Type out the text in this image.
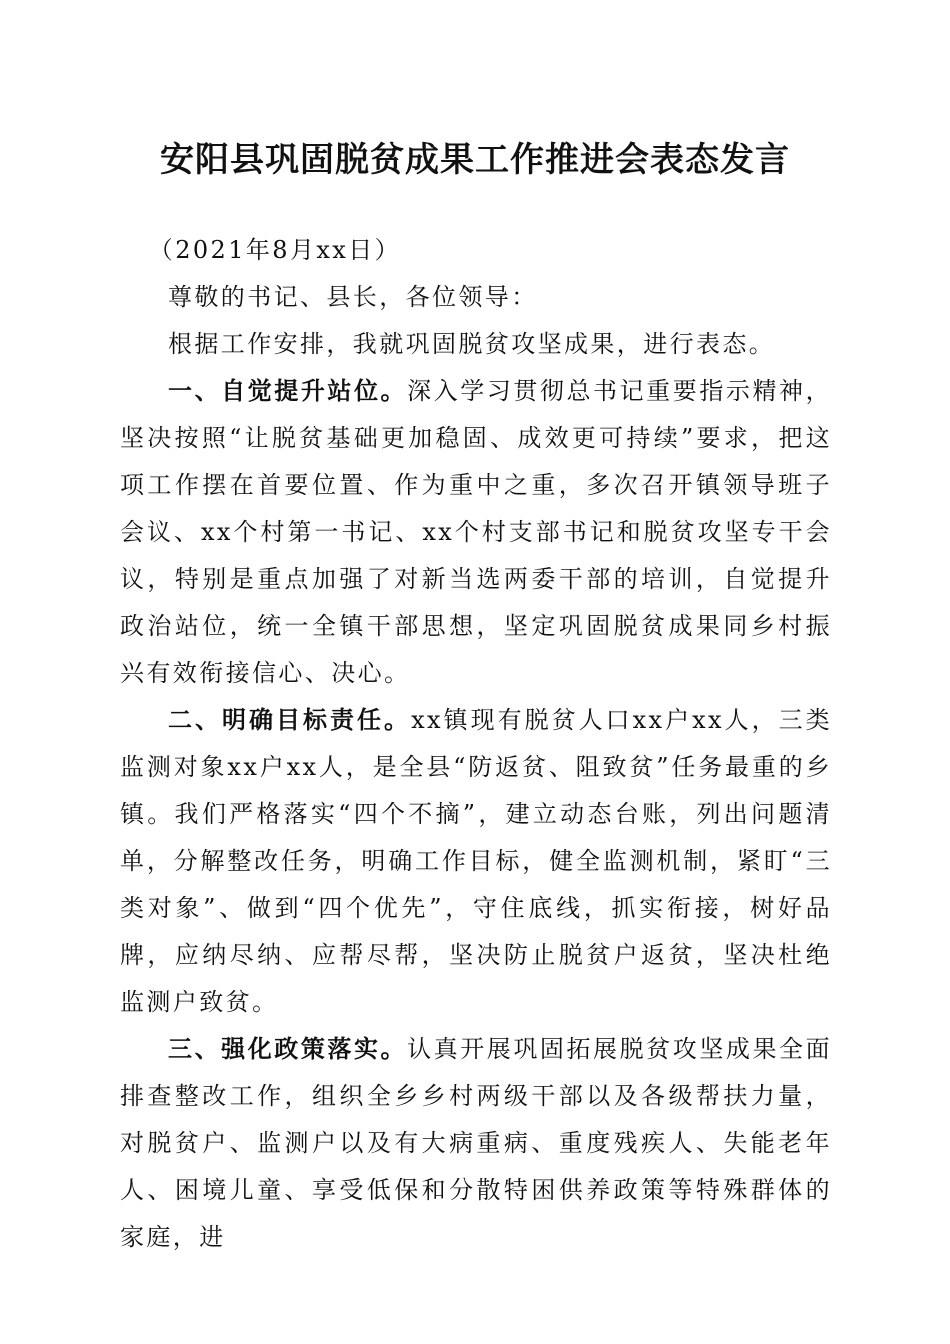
安阳县巩固脱贫成果工作推进会表态发言

（2021年8月xx日）

尊敬的书记、县长，各位领导：

根据工作安排，我就巩固脱贫攻坚成果，进行表态。

一、自觉提升站位。深入学习贯彻总书记重要指示精神，坚决按照“让脱贫基础更加稳固、成效更可持续”要求，把这项工作摆在首要位置、作为重中之重，多次召开镇领导班子会议、xx个村第一书记、xx个村支部书记和脱贫攻坚专干会议，特别是重点加强了对新当选两委干部的培训，自觉提升政治站位，统一全镇干部思想，坚定巩固脱贫成果同乡村振兴有效衔接信心、决心。

二、明确目标责任。xx镇现有脱贫人口xx户xx人，三类监测对象xx户xx人，是全县“防返贫、阻致贫”任务最重的乡镇。我们严格落实“四个不摘”，建立动态台账，列出问题清单，分解整改任务，明确工作目标，健全监测机制，紧盯“三类对象”、做到“四个优先”，守住底线，抓实衔接，树好品牌，应纳尽纳、应帮尽帮，坚决防止脱贫户返贫，坚决杜绝监测户致贫。

三、强化政策落实。认真开展巩固拓展脱贫攻坚成果全面排查整改工作，组织全乡乡村两级干部以及各级帮扶力量，对脱贫户、监测户以及有大病重病、重度残疾人、失能老年人、困境儿童、享受低保和分散特困供养政策等特殊群体的家庭，进
